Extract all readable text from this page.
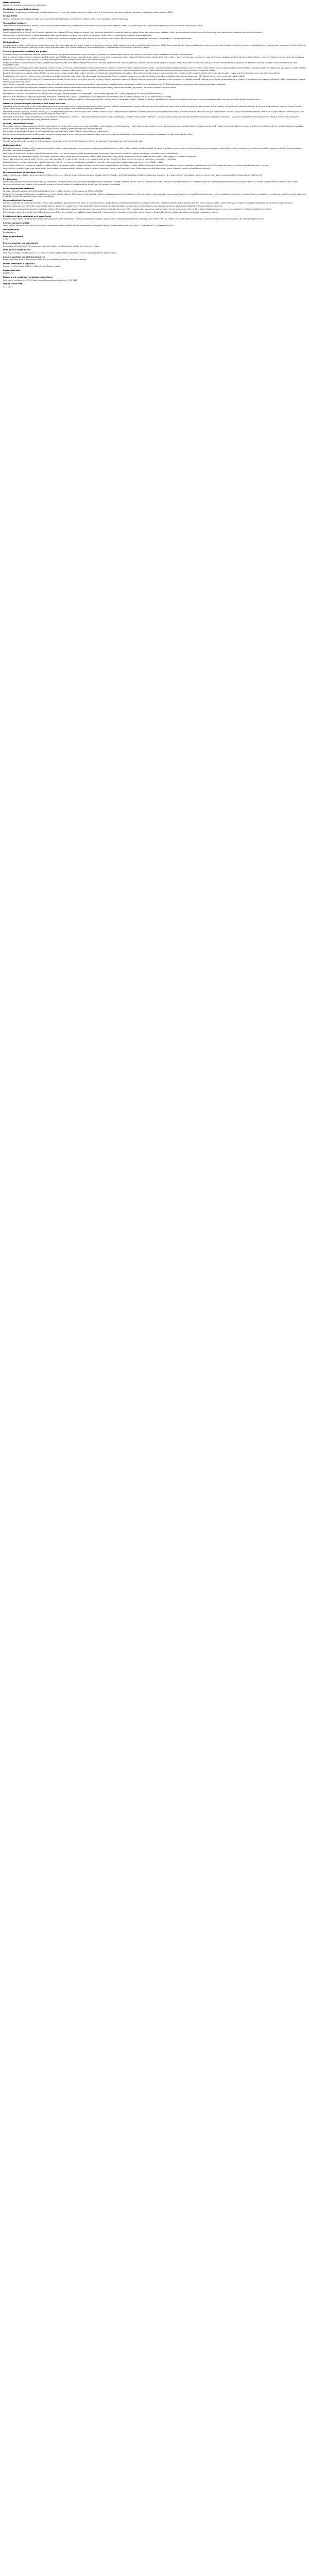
Název přípravku
Ketonal 50 mg tobolky s prodlouženým uvolňováním.
Kvalitativní a kvantitativní složení
Jedna tobolka s prodlouženým uvolňováním obsahuje ketoprofenum 50 mg. Úplný seznam pomocných látek viz bod 6.1. Pomocné látky se známým účinkem: sacharóza, monohydrát laktózy, azorubin (E122).
Léková forma
Tobolky s prodlouženým uvolňováním. Popis přípravku: tvrdé želatinové tobolky s neprůhledným víčkem a tělem, uvnitř peletky bílé až téměř bílé barvy.
Terapeutické indikace
Symptomatická léčba revmatoidní artritidy, ankylozující spondylitidy, osteoartrózy. Symptomatická léčba akutních bolestí pohybového aparátu, bolesti zad, poúrazových stavů, dysmenorey. Přípravek je určen pro dospělé a dospívající od 15 let.
Dávkování a způsob podání
Dospělí: obvyklá dávka je 50 mg 2× až 3× denně. Maximální denní dávka je 200 mg. Tobolky se polykají celé a zapíjejí se dostatečným množstvím tekutiny, nejlépe během jídla nebo po něm. Nežádoucí účinky lze minimalizovat užíváním nejnižší účinné dávky po co nejkratší dobu potřebnou ke zvládnutí symptomů.
Starší pacienti: u starších pacientů je doporučeno zahájit léčbu nejnižší dávkou a udržovat ji na nejnižší účinné úrovni. Zvýšení dávky je možné pouze po ověření dobré snášenlivosti.
Porucha funkce ledvin a jater: u pacientů s lehkou až středně těžkou poruchou je vhodné snížit úvodní dávku a pečlivě sledovat funkci orgánů. Pediatrická populace: bezpečnost a účinnost u dětí mladších 15 let nebyla stanovena.
Kontraindikace
Hypersenzitivita na léčivou látku nebo na kteroukoli pomocnou látku. Anamnéza astmatu, kopřivky nebo jiných alergických reakcí po podání ketoprofenu, kyseliny acetylsalicylové nebo jiných NSAID. Aktivní peptický vřed nebo anamnéza rekurentního peptického vředu či krvácení. Krvácení do gastrointestinálního traktu nebo perforace v souvislosti s předchozí léčbou NSAID. Závažné srdeční selhání, závažná porucha funkce jater nebo ledvin. Třetí trimestr těhotenství. Hemoragická diatéza, cerebrovaskulární krvácení nebo jiné aktivní krvácení.
Zvláštní upozornění a opatření pro použití
Nežádoucí účinky lze minimalizovat užíváním nejnižší účinné dávky po nejkratší možnou dobu nutnou ke zvládnutí symptomů. Je třeba se vyhnout současnému užívání s jinými NSAID včetně selektivních inhibitorů cyklooxygenázy-2.
Gastrointestinální krvácení, vředy a perforace: v průběhu léčby všemi NSAID bylo hlášeno gastrointestinální krvácení, vznik vředu nebo perforace, které mohou být fatální a mohou nastat kdykoli během léčby, s varovnými příznaky nebo bez nich, nebo s anamnézou závažných gastrointestinálních příhod. Riziko je vyšší se zvyšující se dávkou, u pacientů s vředovou chorobou v anamnéze a u starších pacientů. U těchto pacientů je vhodné zvážit kombinovanou léčbu s protektivními látkami.
Pacienti s anamnézou gastrointestinální toxicity, zejména starší pacienti, mají hlásit jakékoli neobvyklé abdominální příznaky, zvláště krvácení. Opatrnosti je třeba u pacientů, kteří současně užívají léky zvyšující riziko vzniku vředu nebo krvácení, jako jsou perorální kortikosteroidy, antikoagulancia, selektivní inhibitory zpětného vychytávání serotoninu nebo antiagregační látky.
Kardiovaskulární a cerebrovaskulární účinky: pacienty s hypertenzí nebo s mírným až středně závažným městnavým srdečním selháním v anamnéze je třeba náležitě sledovat, protože v souvislosti s léčbou NSAID byly hlášeny retence tekutin a otoky. Klinické studie a epidemiologické údaje naznačují, že podávání některých NSAID může být spojeno s mírně zvýšeným rizikem arteriálních trombotických příhod. Pacienti s nekontrolovanou hypertenzí, městnavým srdečním selháním, ischemickou chorobou srdeční, onemocněním periferních tepen nebo cerebrovaskulárním onemocněním mají být léčeni až po pečlivém zvážení.
Závažné kožní reakce: v souvislosti s léčbou NSAID byly velmi vzácně hlášeny závažné kožní reakce, některé z nich fatální, zahrnující exfoliativní dermatitidu, Stevensův-Johnsonův syndrom a toxickou epidermální nekrolýzu. Léčba musí být ukončena při prvním výskytu kožní vyrážky, slizničních lézí nebo jiných známek hypersenzitivity.
Respirační poruchy: u pacientů trpících nebo s anamnézou bronchiálního astmatu může podání přípravku vyvolat bronchospazmus. Pacienti s astmatem spojeným s chronickou rinitidou, chronickou sinusitidou nebo nosní polypózou mají vyšší riziko alergie na kyselinu acetylsalicylovou a NSAID.
Renální účinky: na začátku léčby je nutné pečlivě sledovat objem diurézy a funkci ledvin u pacientů se srdečním selháním, cirhózou a nefrózou, u pacientů léčených diuretiky, u pacientů s chronickou renální insuficiencí a u starších pacientů. U těchto pacientů může podání ketoprofenu vyvolat snížení průtoku krve ledvinami způsobené inhibicí prostaglandinů a vést k dekompenzaci ledvinných funkcí.
Jaterní účinky: u pacientů s abnormálními hodnotami jaterních testů nebo s anamnézou jaterního onemocnění je třeba periodicky sledovat hladiny transamináz, zvláště během dlouhodobé léčby. Při léčbě ketoprofenem byly popsány vzácné případy žloutenky a hepatitidy.
Infekce: jako jiná NSAID může i ketoprofen maskovat příznaky progrese infekčního onemocnění. Pokud se během léčby objeví známky infekce nebo se zhorší její příznaky, má pacient neprodleně vyhledat lékaře.
Poruchy zraku: pokud se objeví poruchy zraku, jako je rozmazané vidění, je nutné léčbu ukončit.
Hyperkalemie: u pacientů s diabetem nebo současnou léčbou léčivými přípravky podporujícími hyperkalemii se může objevit hyperkalemie. V těchto případech je nutné sledovat hladinu draslíku.
Fertilita: užívání ketoprofenu, stejně jako jiných léčiv inhibujících cyklooxygenázu a syntézu prostaglandinů, může negativně ovlivnit plodnost žen, a proto se nedoporučuje ženám, které se snaží otěhotnět.
Pomocné látky: přípravek obsahuje sacharózu a laktózu. Pacienti se vzácnými dědičnými problémy s intolerancí galaktózy, fruktózy, úplným nedostatkem laktázy, malabsorpcí glukózy a galaktózy nebo sacharázo-izomaltázovou deficiencí by tento přípravek neměli užívat. Azorubin může způsobit alergické reakce.
Interakce s jinými léčivými přípravky a jiné formy interakce
Kombinace, které se nedoporučují: jiná NSAID včetně vysokých dávek salicylátů zvyšují riziko gastrointestinálních vředů a krvácení. Perorální antikoagulancia, heparin a tiklopidin zvyšují riziko krvácení; pokud nelze kombinaci vyloučit, je třeba pacienta pečlivě sledovat. Lithium: zvýšení plazmatické hladiny lithia, které může dosáhnout toxických hodnot, z důvodu snížené renální exkrece. Metotrexát v dávkách vyšších než 15 mg týdně: zvýšené riziko hematologické toxicity metotrexátu.
Kombinace vyžadující opatrnost: diuretika, inhibitory ACE a antagonisté angiotenzinu II mohou zvýšit riziko akutního renálního selhání u dehydratovaných pacientů. Kortikosteroidy zvyšují riziko gastrointestinálního vředu nebo krvácení. Pentoxifylin zvyšuje riziko krvácení. Tenofovir zvyšuje riziko renálního selhání. Metotrexát v nízkých dávkách: během prvních týdnů kombinované léčby je třeba jednou týdně kontrolovat kompletní krevní obraz.
Kombinace, které je třeba zvážit: antihypertenziva (beta-blokátory, inhibitory ACE, diuretika) – riziko snížení antihypertenzního účinku. Trombolytika – zvýšené riziko krvácení. Probenecid – současné podávání může výrazně snížit plazmatickou clearance ketoprofenu. Nikorandil – u pacientů současně léčených nikorandilem a NSAID je zvýšené riziko závažných komplikací, jako jsou gastrointestinální vředy, perforace a krvácení.
Fertilita, těhotenství a kojení
Těhotenství: inhibice syntézy prostaglandinů může nepříznivě ovlivnit těhotenství a vývoj embrya nebo plodu. Data z epidemiologických studií ukazují na zvýšené riziko potratu, srdečních malformací a gastroschízy po užívání inhibitorů syntézy prostaglandinů v časném těhotenství. Během prvního a druhého trimestru těhotenství by neměl být ketoprofen podáván, pokud to není zcela nezbytné. Během třetího trimestru jsou všechny inhibitory syntézy prostaglandinů kontraindikovány.
Kojení: nejsou k dispozici žádné údaje o vylučování ketoprofenu do mateřského mléka. Podávání během kojení se nedoporučuje.
Fertilita: užívání ketoprofenu může narušit ženskou plodnost a nedoporučuje se u žen, které se snaží otěhotnět. U žen, které mají problémy s otěhotněním nebo které podstupují vyšetření neplodnosti, je třeba zvážit ukončení léčby.
Účinky na schopnost řídit a obsluhovat stroje
Pacienti mají být upozorněni na možný výskyt somnolence, závratí nebo křečí a nemají řídit dopravní prostředky ani obsluhovat stroje, pokud se u nich tyto příznaky objeví.
Nežádoucí účinky
Nejčastěji pozorované nežádoucí účinky jsou gastrointestinální. Mohou se objevit peptické vředy, perforace nebo gastrointestinální krvácení, někdy fatální, zvláště u starších pacientů. Po podání byly hlášeny nauzea, zvracení, průjem, flatulence, zácpa, dyspepsie, bolest břicha, meléna, hematemeze, ulcerózní stomatitida, exacerbace kolitidy a Crohnovy choroby. Méně často byla pozorována gastritida.
Poruchy krve a lymfatického systému: vzácně hemoragická anémie; není známo: agranulocytóza, trombocytopenie, útlum kostní dřeně. Poruchy imunitního systému: není známo: anafylaktické reakce včetně šoku.
Psychiatrické poruchy: není známo: deprese, halucinace, zmatenost, změny nálady. Poruchy nervového systému: méně časté: bolest hlavy, závrať, somnolence; vzácně: parestezie; není známo: křeče, dysgeuzie, aseptická meningitida.
Poruchy oka: vzácně: rozmazané vidění. Poruchy ucha a labyrintu: vzácně: tinnitus. Srdeční poruchy: není známo: srdeční selhání, fibrilace síní. Cévní poruchy: není známo: hypertenze, vazodilatace, vaskulitida.
Respirační, hrudní a mediastinální poruchy: vzácně: astmatický záchvat; není známo: bronchospazmus (zvláště u pacientů s hypersenzitivitou na kyselinu acetylsalicylovou a jiná NSAID), rinitida.
Poruchy jater a žlučových cest: vzácně: hepatitida, zvýšení hladiny transamináz, zvýšení sérového bilirubinu. Poruchy kůže a podkožní tkáně: méně časté: vyrážka, svědění; není známo: fotosenzitivita, alopecie, kopřivka, angioedém, bulózní erupce včetně Stevensova-Johnsonova syndromu a toxické epidermální nekrolýzy.
Poruchy ledvin a močových cest: není známo: akutní renální selhání, tubulointersticiální nefritida, nefritický syndrom, abnormální hodnoty testů renálních funkcí. Celkové poruchy: méně časté: otoky, únava. Vyšetření: vzácně: zvýšení tělesné hmotnosti.
Hlášení podezření na nežádoucí účinky
Hlášení podezření na nežádoucí účinky po registraci léčivého přípravku je důležité. Umožňuje to pokračovat ve sledování poměru přínosů a rizik léčivého přípravku. Žádáme zdravotnické pracovníky, aby hlásili podezření na nežádoucí účinky na adresu: Státní ústav pro kontrolu léčiv, Šrobárova 48, 100 41 Praha 10.
Předávkování
Byly hlášeny případy předávkování dávkami až 2,5 g ketoprofenu. Ve většině případů byly pozorované příznaky benigní a omezily se na letargii, ospalost, nauzeu, zvracení a epigastrickou bolest. Neexistuje specifické antidotum. V případě podezření na masivní předávkování se doporučuje výplach žaludku a zahájení symptomatické a podpůrné léčby s cílem kompenzovat dehydrataci, sledovat vylučování moči a upravit případnou acidózu. V případě renálního selhání může být užitečná hemodialýza.
Farmakodynamické vlastnosti
Farmakoterapeutická skupina: nesteroidní antiflogistika a antirevmatika, deriváty kyseliny propionové. ATC kód: M01AE03.
Ketoprofen je nesteroidní antiflogistikum s analgetickým a antipyretickým účinkem. Mechanismus účinku spočívá v inhibici syntézy prostaglandinů a leukotrienů v důsledku inhibice cyklooxygenázy a lipoxygenázy. Ketoprofen má rovněž antibradykininovou aktivitu a stabilizuje lysozomální membrány. Tobolky s prodlouženým uvolňováním zajišťují postupné uvolňování léčivé látky a udržení terapeutické koncentrace po delší dobu.
Farmakokinetické vlastnosti
Absorpce: ketoprofen se po perorálním podání rychle a úplně vstřebává z gastrointestinálního traktu. Při užití lékové formy s prodlouženým uvolňováním je vstřebávání pomalejší a maximální plazmatické koncentrace je dosaženo za 6 až 7 hodin. Současné podání s jídlem nemá vliv na celkovou biologickou dostupnost, ale zpomaluje rychlost absorpce.
Distribuce: ketoprofen se z 99 % váže na plazmatické bílkoviny, především na albuminovou frakci. Distribuční objem je přibližně 0,1 l/kg. Ketoprofen prostupuje do synoviální tekutiny, kde dosahuje koncentrací odpovídajících přibližně 30 % plazmatických koncentrací.
Biotransformace: ketoprofen se rozsáhle metabolizuje v játrech, hlavně konjugací s kyselinou glukuronovou. Neexistují aktivní metabolity. Eliminace: až 80 % podané dávky se vylučuje močí, převážně ve formě glukuronidů, méně než 10 % stolicí. Poločas eliminace je u formy s prodlouženým uvolňováním přibližně 5 až 9 hodin.
Zvláštní skupiny pacientů: u starších pacientů je absorpce nezměněna, ale prodlužuje se poločas eliminace. U pacientů s renální insuficiencí dochází ke snížení plazmatické clearance. U pacientů s jaterním selháním se zvyšuje volná frakce ketoprofenu v plazmě.
Předklinické údaje vztahující se k bezpečnosti
Neklinické údaje získané na základě konvenčních farmakologických studií bezpečnosti, toxicity po opakovaném podávání, genotoxicity a kancerogenního potenciálu neodhalily žádné zvláštní riziko pro člověka. Ve studiích reprodukční toxicity na zvířatech byla pozorována embryotoxicita, ale žádné teratogenní účinky.
Seznam pomocných látek
Obsah tobolky: sacharóza, kukuřičný škrob, povidon, ethylcelulóza, mastek, koloidní bezvodý oxid křemičitý, monohydrát laktózy. Tobolka: želatina, oxid titaničitý (E171), azorubin (E122), indigokarmín (E132).
Inkompatibility
Neuplatňuje se.
Doba použitelnosti
3 roky.
Zvláštní opatření pro uchovávání
Uchovávejte při teplotě do 25 °C. Uchovávejte v původním obalu, aby byl přípravek chráněn před světlem a vlhkostí.
Druh obalu a obsah balení
Blistr PVC/Al, krabička. Velikost balení: 10, 20 nebo 30 tobolek s prodlouženým uvolňováním. Na trhu nemusí být všechny velikosti balení.
Zvláštní opatření pro likvidaci přípravku
Veškerý nepoužitý léčivý přípravek nebo odpad musí být zlikvidován v souladu s místními požadavky.
Držitel rozhodnutí o registraci
Sandoz s.r.o., Na Pankráci 1724/129, 140 00 Praha 4, Česká republika.
Registrační číslo
29/350/94-C
Datum první registrace / prodloužení registrace
Datum první registrace: 4. 5. 1994. Datum posledního prodloužení registrace: 19. 8. 2015.
Datum revize textu
21. 3. 2023
